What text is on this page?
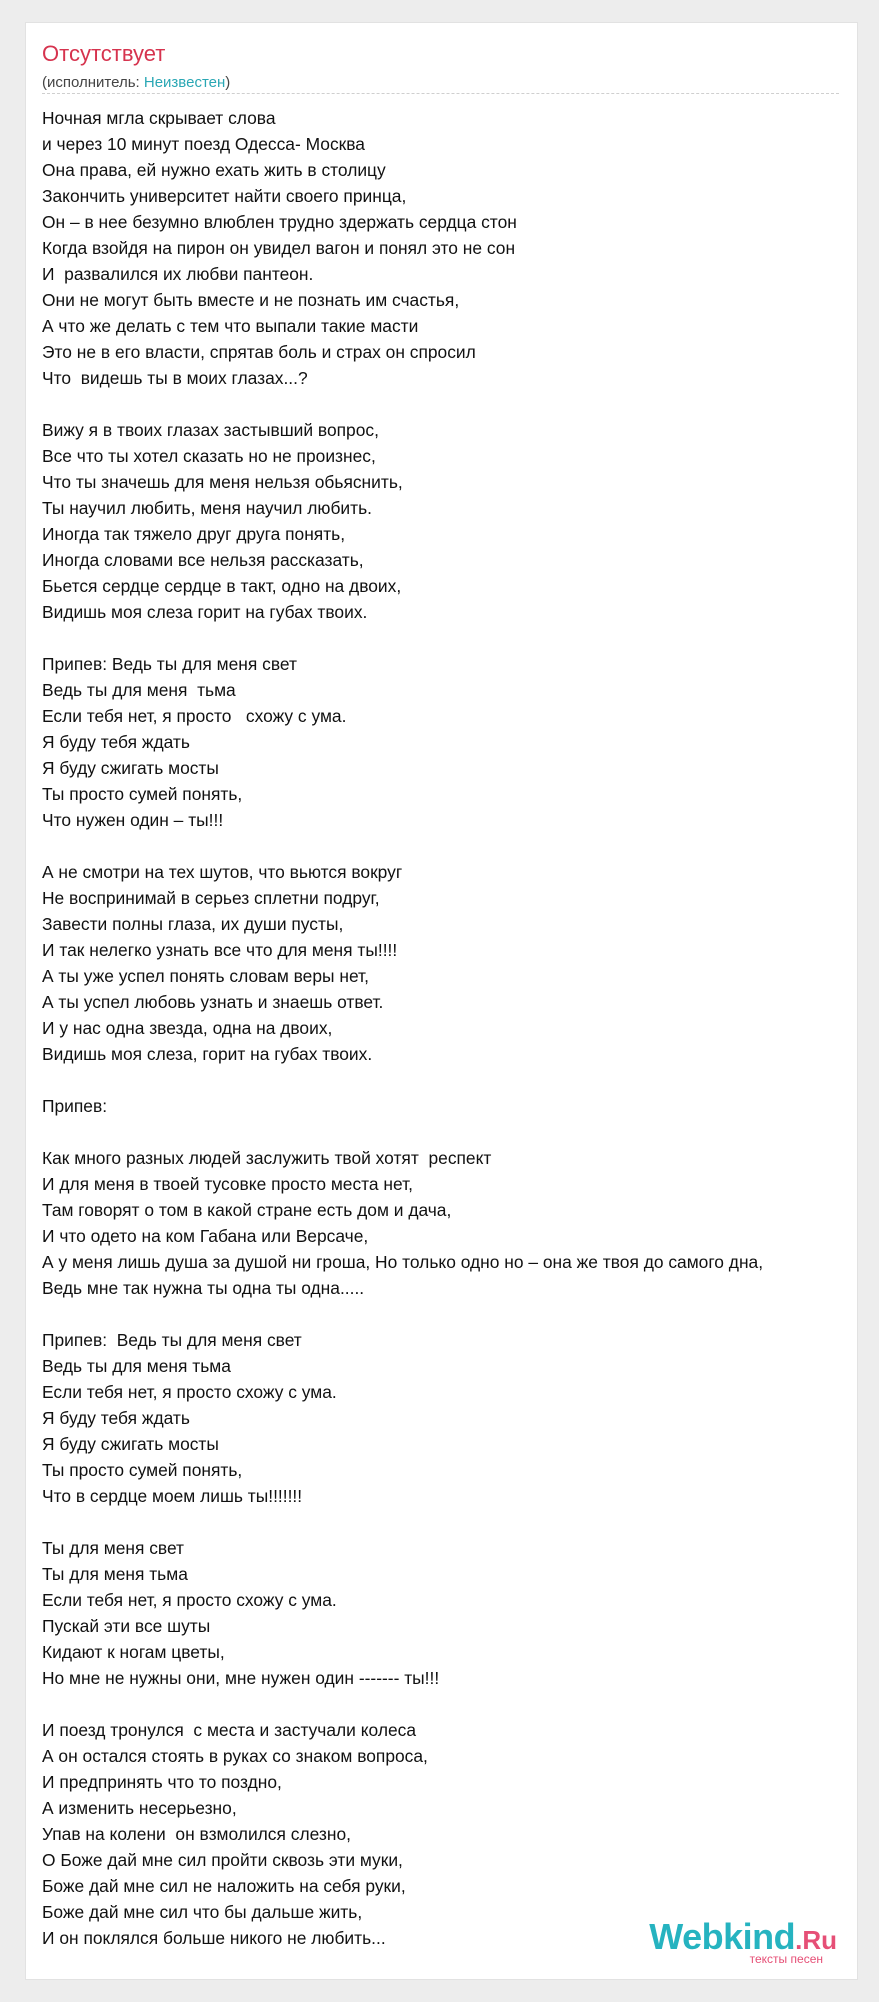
Отсутствует
(исполнитель: Неизвестен)
Ночная мгла скрывает слова
и через 10 минут поезд Одесса- Москва
Она права, ей нужно ехать жить в столицу
Закончить университет найти своего принца,
Он – в нее безумно влюблен трудно здержать сердца стон
Когда взойдя на пирон он увидел вагон и понял это не сон
И  развалился их любви пантеон.
Они не могут быть вместе и не познать им счастья,
А что же делать с тем что выпали такие масти
Это не в его власти, спрятав боль и страх он спросил
Что  видешь ты в моих глазах...?
Вижу я в твоих глазах застывший вопрос,
Все что ты хотел сказать но не произнес,
Что ты значешь для меня нельзя обьяснить,
Ты научил любить, меня научил любить.
Иногда так тяжело друг друга понять,
Иногда словами все нельзя рассказать,
Бьется сердце сердце в такт, одно на двоих,
Видишь моя слеза горит на губах твоих.
Припев: Ведь ты для меня свет
Ведь ты для меня  тьма
Если тебя нет, я просто   схожу с ума.
Я буду тебя ждать
Я буду сжигать мосты
Ты просто сумей понять,
Что нужен один – ты!!!
А не смотри на тех шутов, что вьются вокруг
Не воспринимай в серьез сплетни подруг,
Завести полны глаза, их души пусты,
И так нелегко узнать все что для меня ты!!!!
А ты уже успел понять словам веры нет,
А ты успел любовь узнать и знаешь ответ.
И у нас одна звезда, одна на двоих,
Видишь моя слеза, горит на губах твоих.
Припев:
Как много разных людей заслужить твой хотят  респект
И для меня в твоей тусовке просто места нет,
Там говорят о том в какой стране есть дом и дача,
И что одето на ком Габана или Версаче,
А у меня лишь душа за душой ни гроша, Но только одно но – она же твоя до самого дна,
Ведь мне так нужна ты одна ты одна.....
Припев:  Ведь ты для меня свет
Ведь ты для меня тьма
Если тебя нет, я просто схожу с ума.
Я буду тебя ждать
Я буду сжигать мосты
Ты просто сумей понять,
Что в сердце моем лишь ты!!!!!!!
Ты для меня свет
Ты для меня тьма
Если тебя нет, я просто схожу с ума.
Пускай эти все шуты
Кидают к ногам цветы,
Но мне не нужны они, мне нужен один ------- ты!!!
И поезд тронулся  с места и застучали колеса
А он остался стоять в руках со знаком вопроса,
И предпринять что то поздно,
А изменить несерьезно,
Упав на колени  он взмолился слезно,
О Боже дай мне сил пройти сквозь эти муки,
Боже дай мне сил не наложить на себя руки,
Боже дай мне сил что бы дальше жить,
И он поклялся больше никого не любить...	Webkind.Ru
тексты песен
